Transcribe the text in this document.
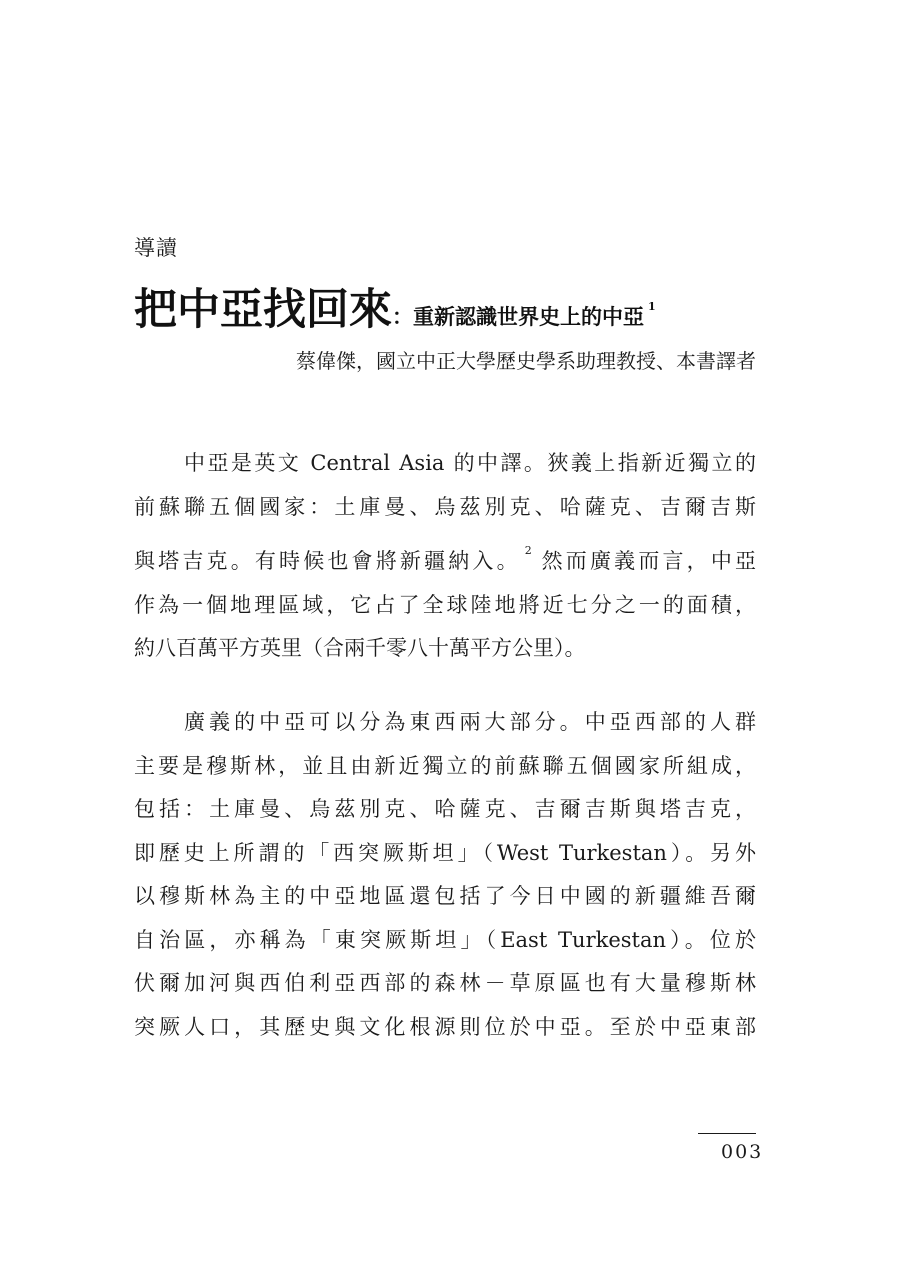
導讀
把中亞找回來：重新認識世界史上的中亞 $^1$
蔡偉傑，國立中正大學歷史學系助理教授、本書譯者
中亞是英文 Central Asia 的中譯。狹義上指新近獨立的
前蘇聯五個國家：土庫曼、烏茲別克、哈薩克、吉爾吉斯
與塔吉克。有時候也會將新疆納入。 $^2$ 然而廣義而言，中亞
作為一個地理區域，它占了全球陸地將近七分之一的面積，
約八百萬平方英里（合兩千零八十萬平方公里）。
廣義的中亞可以分為東西兩大部分。中亞西部的人群
主要是穆斯林，並且由新近獨立的前蘇聯五個國家所組成，
包括：土庫曼、烏茲別克、哈薩克、吉爾吉斯與塔吉克，
即歷史上所謂的「西突厥斯坦」（West Turkestan）。另外
以穆斯林為主的中亞地區還包括了今日中國的新疆維吾爾
自治區，亦稱為「東突厥斯坦」（East Turkestan）。位於
伏爾加河與西伯利亞西部的森林－草原區也有大量穆斯林
突厥人口，其歷史與文化根源則位於中亞。至於中亞東部
003
